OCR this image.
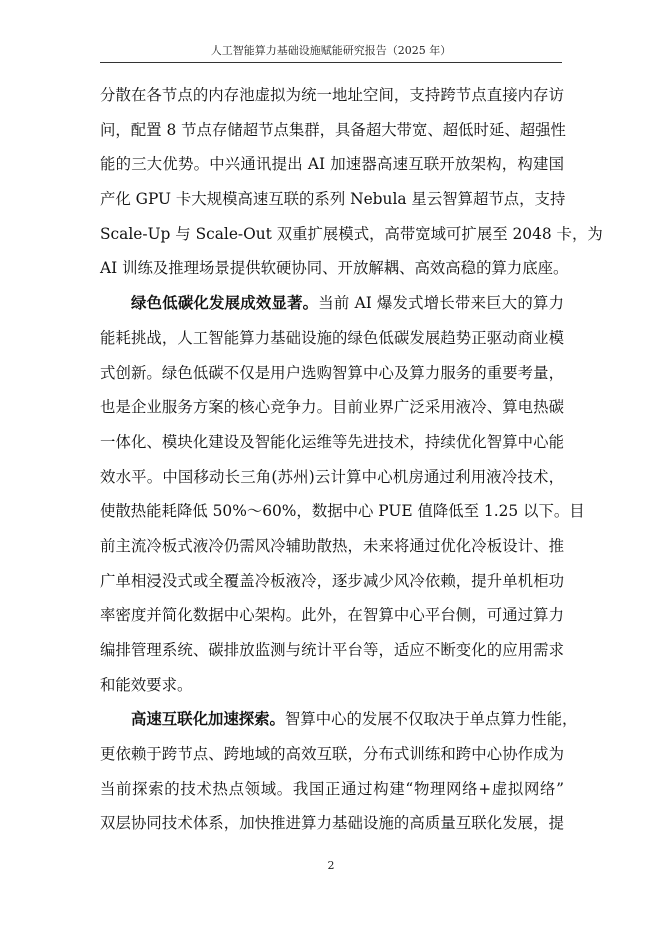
人工智能算力基础设施赋能研究报告（2025 年）
分散在各节点的内存池虚拟为统一地址空间，支持跨节点直接内存访
问，配置 8 节点存储超节点集群，具备超大带宽、超低时延、超强性
能的三大优势。中兴通讯提出 AI 加速器高速互联开放架构，构建国
产化 GPU 卡大规模高速互联的系列 Nebula 星云智算超节点，支持
Scale-Up 与 Scale-Out 双重扩展模式，高带宽域可扩展至 2048 卡，为
AI 训练及推理场景提供软硬协同、开放解耦、高效高稳的算力底座。
绿色低碳化发展成效显著。当前 AI 爆发式增长带来巨大的算力
能耗挑战，人工智能算力基础设施的绿色低碳发展趋势正驱动商业模
式创新。绿色低碳不仅是用户选购智算中心及算力服务的重要考量，
也是企业服务方案的核心竞争力。目前业界广泛采用液冷、算电热碳
一体化、模块化建设及智能化运维等先进技术，持续优化智算中心能
效水平。中国移动长三角(苏州)云计算中心机房通过利用液冷技术，
使散热能耗降低 50%～60%，数据中心 PUE 值降低至 1.25 以下。目
前主流冷板式液冷仍需风冷辅助散热，未来将通过优化冷板设计、推
广单相浸没式或全覆盖冷板液冷，逐步减少风冷依赖，提升单机柜功
率密度并简化数据中心架构。此外，在智算中心平台侧，可通过算力
编排管理系统、碳排放监测与统计平台等，适应不断变化的应用需求
和能效要求。
高速互联化加速探索。智算中心的发展不仅取决于单点算力性能，
更依赖于跨节点、跨地域的高效互联，分布式训练和跨中心协作成为
当前探索的技术热点领域。我国正通过构建“物理网络+虚拟网络”
双层协同技术体系，加快推进算力基础设施的高质量互联化发展，提
2
